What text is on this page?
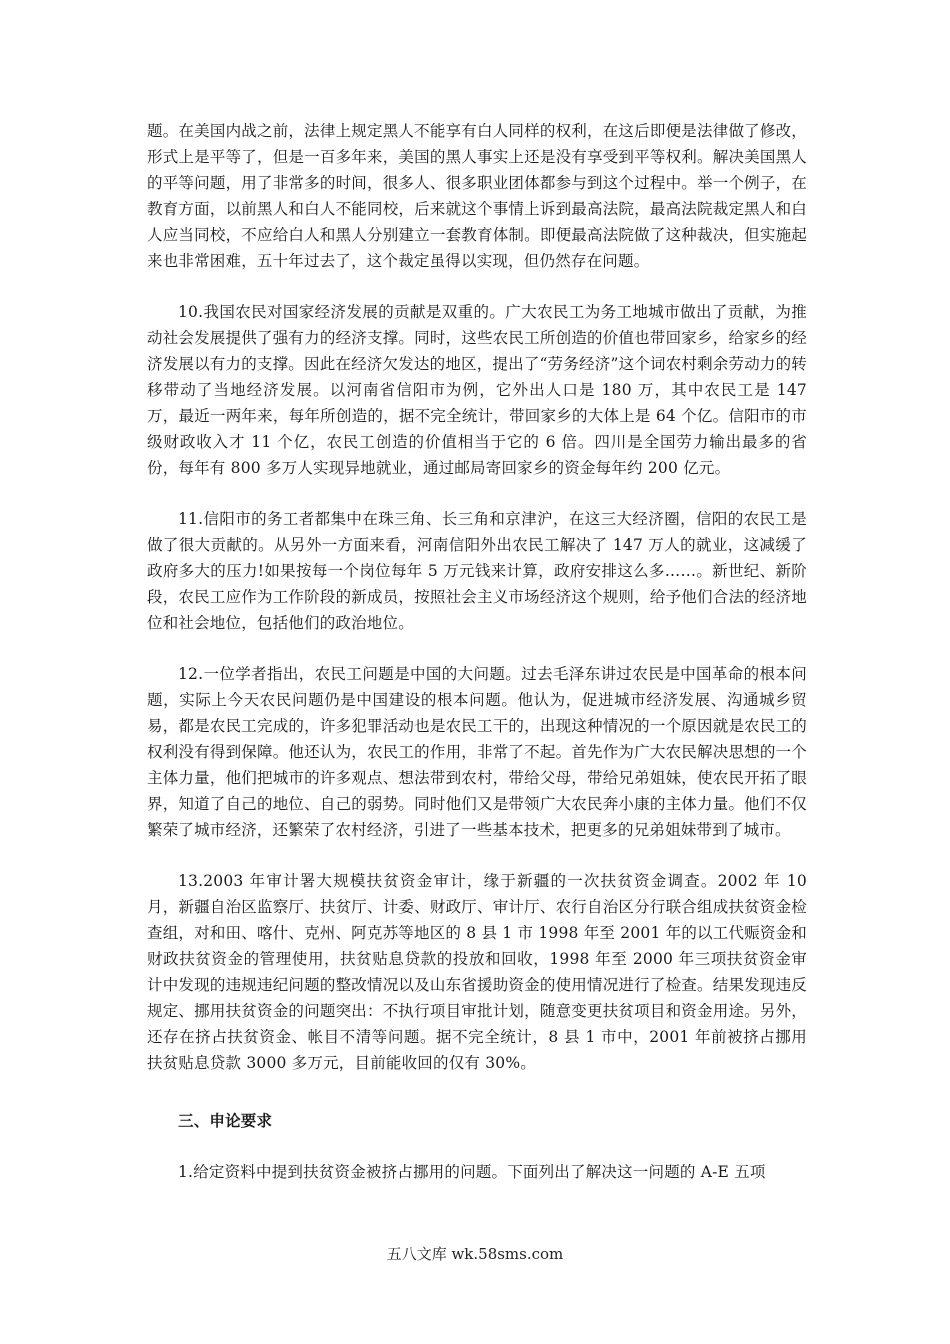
题。在美国内战之前，法律上规定黑人不能享有白人同样的权利，在这后即便是法律做了修改，形式上是平等了，但是一百多年来，美国的黑人事实上还是没有享受到平等权利。解决美国黑人的平等问题，用了非常多的时间，很多人、很多职业团体都参与到这个过程中。举一个例子，在教育方面，以前黑人和白人不能同校，后来就这个事情上诉到最高法院，最高法院裁定黑人和白人应当同校，不应给白人和黑人分别建立一套教育体制。即便最高法院做了这种裁决，但实施起来也非常困难，五十年过去了，这个裁定虽得以实现，但仍然存在问题。

10.我国农民对国家经济发展的贡献是双重的。广大农民工为务工地城市做出了贡献，为推动社会发展提供了强有力的经济支撑。同时，这些农民工所创造的价值也带回家乡，给家乡的经济发展以有力的支撑。因此在经济欠发达的地区，提出了“劳务经济”这个词农村剩余劳动力的转移带动了当地经济发展。以河南省信阳市为例，它外出人口是 180 万，其中农民工是 147 万，最近一两年来，每年所创造的，据不完全统计，带回家乡的大体上是 64 个亿。信阳市的市级财政收入才 11 个亿，农民工创造的价值相当于它的 6 倍。四川是全国劳力输出最多的省份，每年有 800 多万人实现异地就业，通过邮局寄回家乡的资金每年约 200 亿元。

11.信阳市的务工者都集中在珠三角、长三角和京津沪，在这三大经济圈，信阳的农民工是做了很大贡献的。从另外一方面来看，河南信阳外出农民工解决了 147 万人的就业，这减缓了政府多大的压力!如果按每一个岗位每年 5 万元钱来计算，政府安排这么多……。新世纪、新阶段，农民工应作为工作阶段的新成员，按照社会主义市场经济这个规则，给予他们合法的经济地位和社会地位，包括他们的政治地位。

12.一位学者指出，农民工问题是中国的大问题。过去毛泽东讲过农民是中国革命的根本问题，实际上今天农民问题仍是中国建设的根本问题。他认为，促进城市经济发展、沟通城乡贸易，都是农民工完成的，许多犯罪活动也是农民工干的，出现这种情况的一个原因就是农民工的权利没有得到保障。他还认为，农民工的作用，非常了不起。首先作为广大农民解决思想的一个主体力量，他们把城市的许多观点、想法带到农村，带给父母，带给兄弟姐妹，使农民开拓了眼界，知道了自己的地位、自己的弱势。同时他们又是带领广大农民奔小康的主体力量。他们不仅繁荣了城市经济，还繁荣了农村经济，引进了一些基本技术，把更多的兄弟姐妹带到了城市。

13.2003 年审计署大规模扶贫资金审计，缘于新疆的一次扶贫资金调查。2002 年 10 月，新疆自治区监察厅、扶贫厅、计委、财政厅、审计厅、农行自治区分行联合组成扶贫资金检查组，对和田、喀什、克州、阿克苏等地区的 8 县 1 市 1998 年至 2001 年的以工代赈资金和财政扶贫资金的管理使用，扶贫贴息贷款的投放和回收，1998 年至 2000 年三项扶贫资金审计中发现的违规违纪问题的整改情况以及山东省援助资金的使用情况进行了检查。结果发现违反规定、挪用扶贫资金的问题突出：不执行项目审批计划，随意变更扶贫项目和资金用途。另外，还存在挤占扶贫资金、帐目不清等问题。据不完全统计，8 县 1 市中，2001 年前被挤占挪用扶贫贴息贷款 3000 多万元，目前能收回的仅有 30%。

三、申论要求

1.给定资料中提到扶贫资金被挤占挪用的问题。下面列出了解决这一问题的 A-E 五项

五八文库 wk.58sms.com
